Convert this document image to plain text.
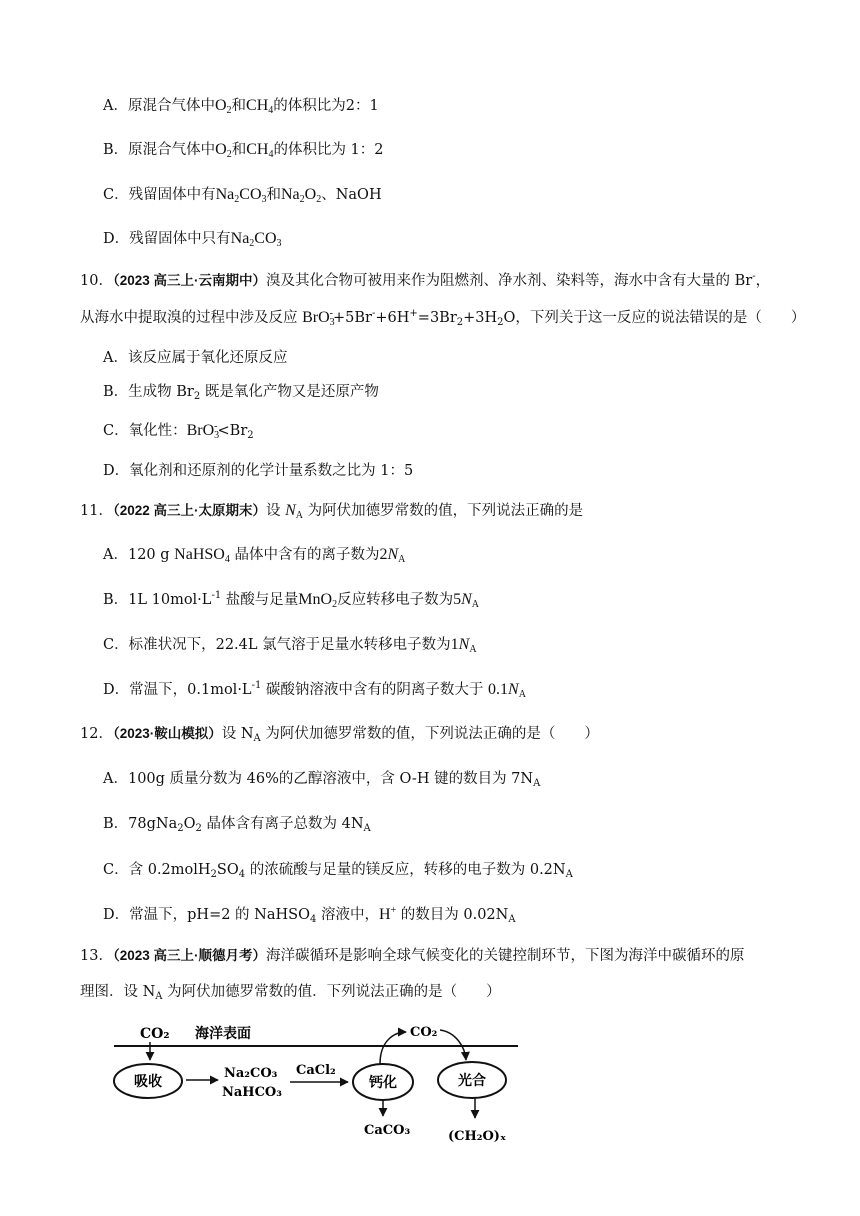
A．原混合气体中$O_2$和$CH_4$的体积比为2：1
B．原混合气体中$O_2$和$CH_4$的体积比为 1：2
C．残留固体中有$Na_2CO_3$和$Na_2O_2$、NaOH
D．残留固体中只有$Na_2CO_3$
10．（2023 高三上·云南期中）溴及其化合物可被用来作为阻燃剂、净水剂、染料等，海水中含有大量的 Br-，
从海水中提取溴的过程中涉及反应 $BrO_3^-+5Br^-+6H^+=3Br_2+3H_2O$，下列关于这一反应的说法错误的是（　　）
A．该反应属于氧化还原反应
B．生成物 $Br_2$ 既是氧化产物又是还原产物
C．氧化性：$BrO_3^-<Br_2$
D．氧化剂和还原剂的化学计量系数之比为 1：5
11．（2022 高三上·太原期末）设 $N_A$ 为阿伏加德罗常数的值，下列说法正确的是
A．120 g NaHSO$_4$ 晶体中含有的离子数为$2N_A$
B．1L $10mol\cdot L^{-1}$ 盐酸与足量MnO$_2$反应转移电子数为$5N_A$
C．标准状况下，22.4L 氯气溶于足量水转移电子数为$1N_A$
D．常温下，$0.1mol\cdot L^{-1}$ 碳酸钠溶液中含有的阴离子数大于 $0.1N_A$
12．（2023·鞍山模拟）设 $N_A$ 为阿伏加德罗常数的值，下列说法正确的是（　　）
A．100g 质量分数为 46%的乙醇溶液中，含 O-H 键的数目为 $7N_A$
B．$78gNa_2O_2$ 晶体含有离子总数为 $4N_A$
C．含 $0.2molH_2SO_4$ 的浓硫酸与足量的镁反应，转移的电子数为 $0.2N_A$
D．常温下，pH=2 的 NaHSO$_4$ 溶液中，H+ 的数目为 $0.02N_A$
13．（2023 高三上·顺德月考）海洋碳循环是影响全球气候变化的关键控制环节，下图为海洋中碳循环的原
理图．设 $N_A$ 为阿伏加德罗常数的值．下列说法正确的是（　　）
CO₂ 海洋表面
吸收
Na₂CO₃
NaHCO₃
CaCl₂
钙化
CO₂
光合
CaCO₃	(CH₂O)ₓ
